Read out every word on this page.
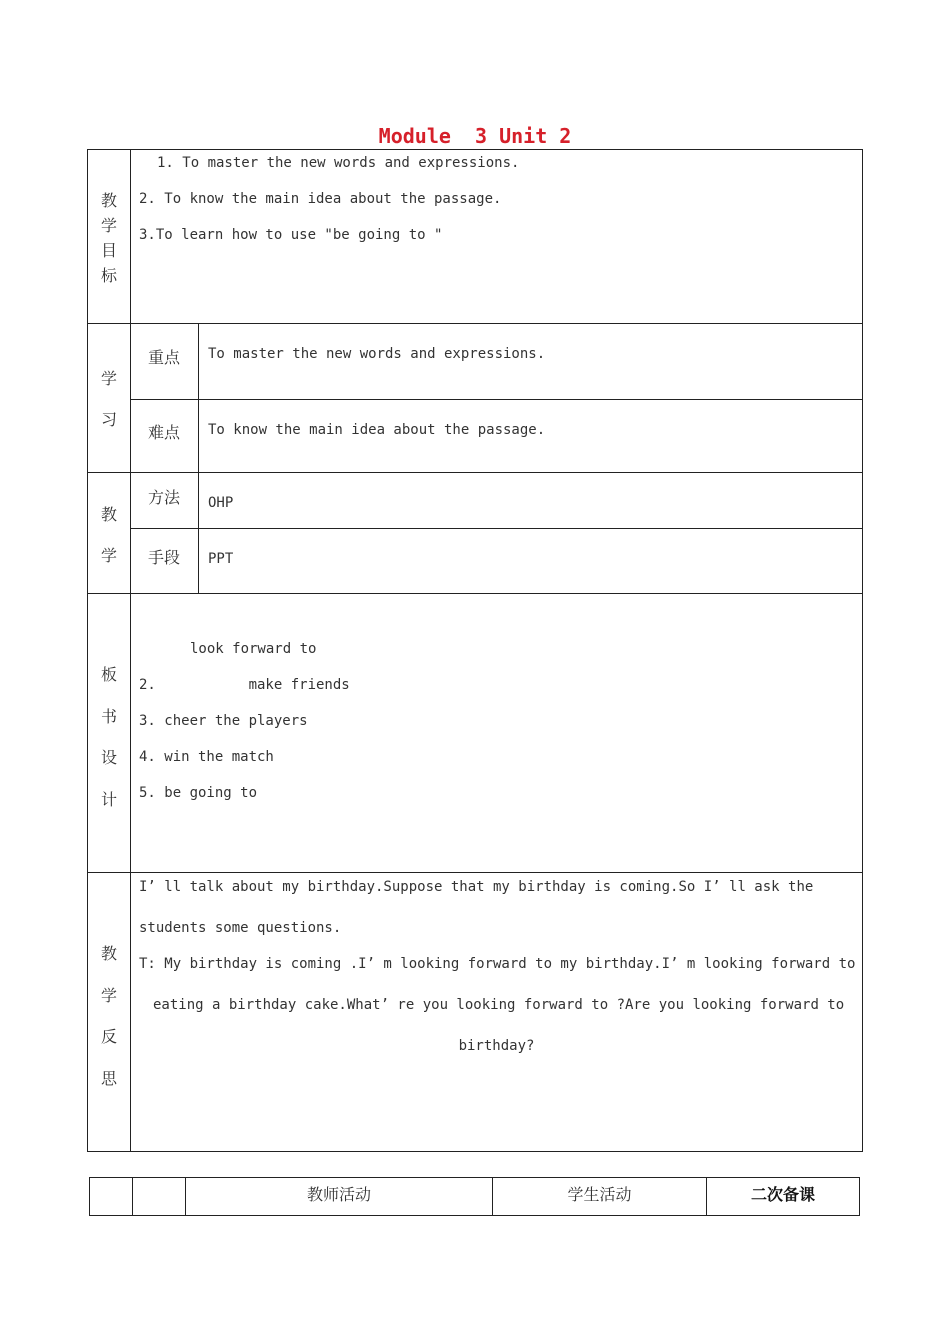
Module  3 Unit 2
教
学
目
标
1. To master the new words and expressions.
2. To know the main idea about the passage.
3.To learn how to use "be going to "
学
习
重点 To master the new words and expressions.
难点 To know the main idea about the passage.
教
学
方法 OHP
手段 PPT
板
书
设
计
look forward to
2.           make friends
3. cheer the players
4. win the match
5. be going to
教
学
反
思
I’ ll talk about my birthday.Suppose that my birthday is coming.So I’ ll ask the
students some questions.
T: My birthday is coming .I’ m looking forward to my birthday.I’ m looking forward to
eating a birthday cake.What’ re you looking forward to ?Are you looking forward to
birthday?
教师活动	学生活动	二次备课
